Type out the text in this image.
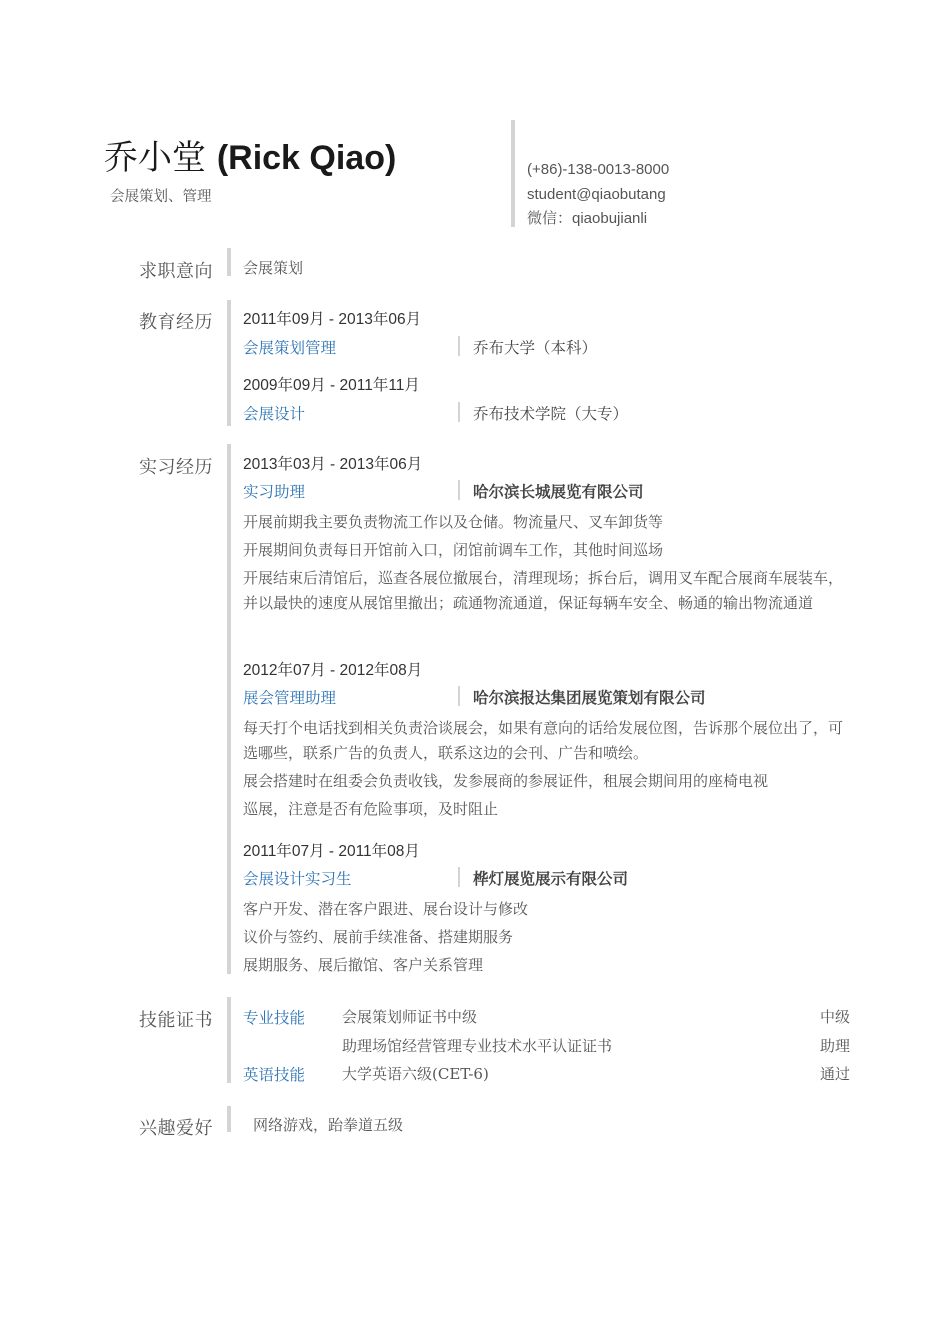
乔小堂 (Rick Qiao)
会展策划、管理
(+86)-138-0013-8000
student@qiaobutang
微信：qiaobujianli
求职意向 会展策划
教育经历 2011年09月 - 2013年06月
会展策划管理	乔布大学（本科）
2009年09月 - 2011年11月
会展设计	乔布技术学院（大专）
实习经历 2013年03月 - 2013年06月
实习助理	哈尔滨长城展览有限公司
开展前期我主要负责物流工作以及仓储。物流量尺、叉车卸货等
开展期间负责每日开馆前入口，闭馆前调车工作，其他时间巡场
开展结束后清馆后，巡查各展位撤展台，清理现场；拆台后，调用叉车配合展商车展装车，并以最快的速度从展馆里撤出；疏通物流通道，保证每辆车安全、畅通的输出物流通道
2012年07月 - 2012年08月
展会管理助理	哈尔滨报达集团展览策划有限公司
每天打个电话找到相关负责洽谈展会，如果有意向的话给发展位图，告诉那个展位出了，可选哪些，联系广告的负责人，联系这边的会刊、广告和喷绘。
展会搭建时在组委会负责收钱，发参展商的参展证件，租展会期间用的座椅电视
巡展，注意是否有危险事项，及时阻止
2011年07月 - 2011年08月
会展设计实习生	桦灯展览展示有限公司
客户开发、潜在客户跟进、展台设计与修改
议价与签约、展前手续准备、搭建期服务
展期服务、展后撤馆、客户关系管理
技能证书 专业技能 会展策划师证书中级	中级
助理场馆经营管理专业技术水平认证证书	助理
英语技能 大学英语六级(CET-6)	通过
兴趣爱好	网络游戏，跆拳道五级
